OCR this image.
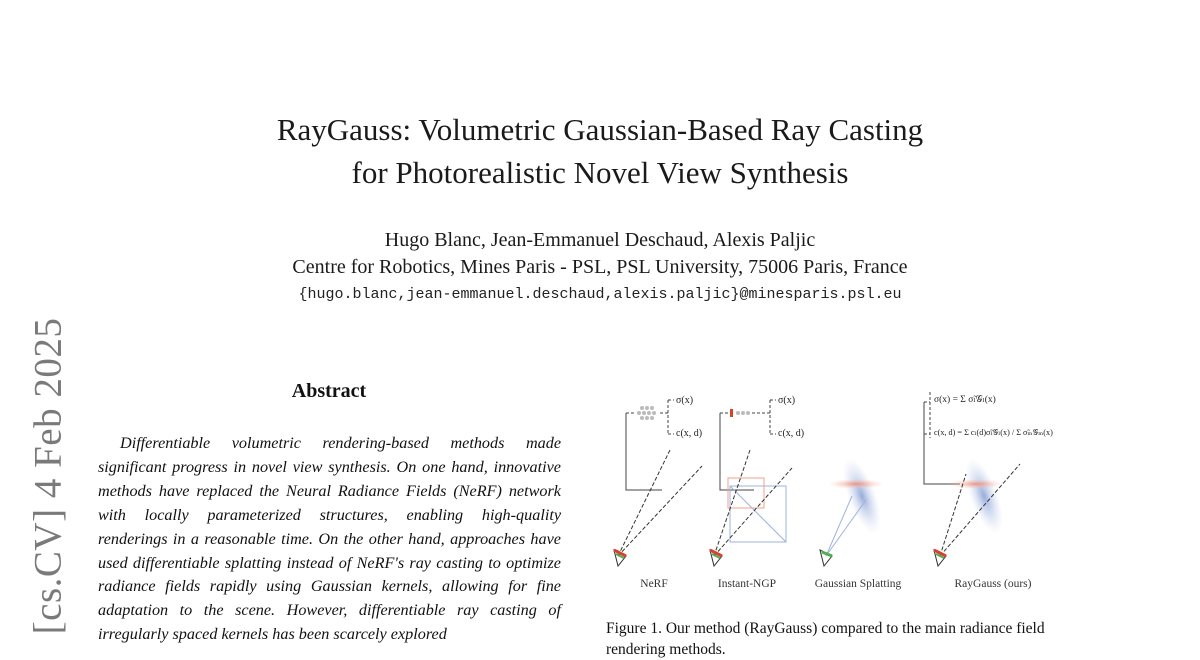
RayGauss: Volumetric Gaussian-Based Ray Casting
for Photorealistic Novel View Synthesis
Hugo Blanc, Jean-Emmanuel Deschaud, Alexis Paljic
Centre for Robotics, Mines Paris - PSL, PSL University, 75006 Paris, France
{hugo.blanc,jean-emmanuel.deschaud,alexis.paljic}@minesparis.psl.eu
[cs.CV] 4 Feb 2025	Abstract

Differentiable volumetric rendering-based methods made significant progress in novel view synthesis. On one hand, innovative methods have replaced the Neural Radiance Fields (NeRF) network with locally parameterized structures, enabling high-quality renderings in a reasonable time. On the other hand, approaches have used differentiable splatting instead of NeRF's ray casting to optimize radiance fields rapidly using Gaussian kernels, allowing for fine adaptation to the scene. However, differentiable ray casting of irregularly spaced kernels has been scarcely explored

σ(x)
c(x, d)
σ(x)
c(x, d)
σ(x) = Σ σ̃ₗ𝒢ₗ(x)
c(x, d) = Σ cₗ(d)σ̃ₗ𝒢ₗ(x) / Σ σ̃ₘ𝒢ₘ(x)
NeRF	Instant-NGP	Gaussian Splatting	RayGauss (ours)
Figure 1. Our method (RayGauss) compared to the main radiance field rendering methods.
